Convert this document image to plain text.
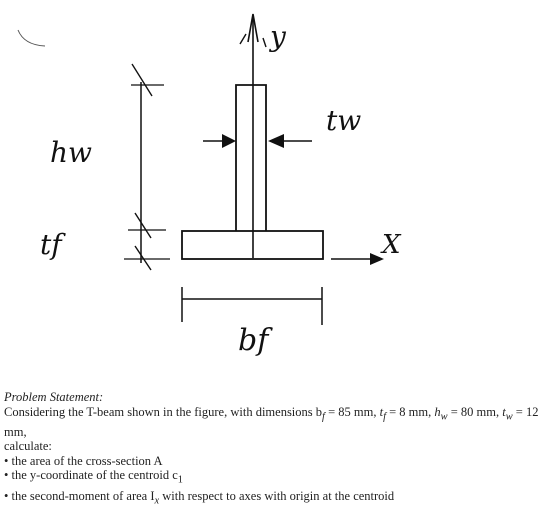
y
X
hw
tw
tf
bf
Problem Statement:
Considering the T-beam shown in the figure, with dimensions $b_f = 85$ mm, $t_f = 8$ mm, $h_w = 80$ mm, $t_w = 12$ mm,
calculate:
• the area of the cross-section A
• the y-coordinate of the centroid $c_1$
• the second-moment of area $I_x$ with respect to axes with origin at the centroid
